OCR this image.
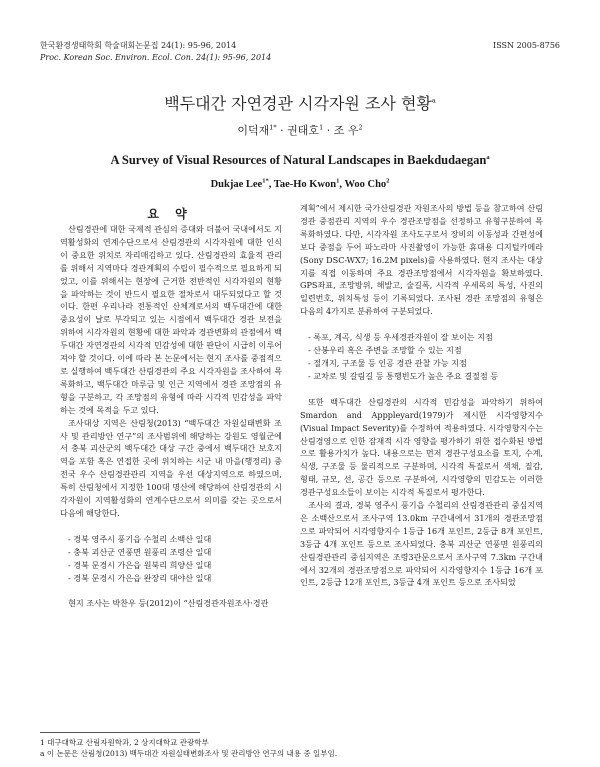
한국환경생태학회 학술대회논문집 24(1): 95-96, 2014
Proc. Korean Soc. Environ. Ecol. Con. 24(1): 95-96, 2014
ISSN 2005-8756
백두대간 자연경관 시각자원 조사 현황$^a$
이덕재$^{1*}$ · 권태호$^1$ · 조 우$^2$
A Survey of Visual Resources of Natural Landscapes in Baekdudaegan$^a$
Dukjae Lee$^{1*}$, Tae-Ho Kwon$^1$, Woo Cho$^2$
요 약

산림경관에 대한 국제적 관심의 증대와 더불어 국내에서도 지역활성화의 연계수단으로서 산림경관의 시각자원에 대한 인식이 중요한 위치로 자리매김하고 있다. 산림경관의 효율적 관리를 위해서 지역마다 경관계획의 수립이 필수적으로 필요하게 되었고, 이를 위해서는 현장에 근거한 전반적인 시각자원의 현황을 파악하는 것이 반드시 필요한 절차로서 대두되었다고 할 것이다. 한편 우리나라 전통적인 산체계로서의 백두대간에 대한 중요성이 날로 부각되고 있는 시점에서 백두대간 경관 보전을 위하여 시각자원의 현황에 대한 파악과 경관변화의 관점에서 백두대간 자연경관의 시각적 민감성에 대한 판단이 시급히 이루어져야 할 것이다. 이에 따라 본 논문에서는 현지 조사를 중점적으로 실행하여 백두대간 산림경관의 주요 시각자원을 조사하여 목록화하고, 백두대간 마루금 및 인근 지역에서 경관 조망점의 유형을 구분하고, 각 조망점의 유형에 따라 시각적 민감성을 파악하는 것에 목적을 두고 있다.

조사대상 지역은 산림청(2013) “백두대간 자원실태변화 조사 및 관리방안 연구”의 조사범위에 해당하는 강원도 영월군에서 충북 괴산군의 백두대간 대상 구간 중에서 백두대간 보호지역을 포함 혹은 연접한 곳에 위치하는 시군 내 마을(행정리) 중 전국 우수 산림경관관리 지역을 우선 대상지역으로 하였으며, 특히 산림청에서 지정한 100대 명산에 해당하여 산림경관의 시각자원이 지역활성화의 연계수단으로서 의미를 갖는 곳으로서 다음에 해당한다.

- 경북 영주시 풍기읍 수철리 소백산 일대
- 충북 괴산군 연풍면 원풍리 조령산 일대
- 경북 문경시 가은읍 원북리 희양산 일대
- 경북 문경시 가은읍 완장리 대야산 일대

현지 조사는 박찬우 등(2012)이 “산림경관자원조사·경관

계획”에서 제시한 국가산림경관 자원조사의 방법 등을 참고하여 산림경관 중점관리 지역의 우수 경관조망점을 선정하고 유형구분하여 목록화하였다. 다만, 시각자원 조사도구로서 장비의 이동성과 간편성에 보다 중점을 두어 파노라마 사진촬영이 가능한 휴대용 디지털카메라(Sony DSC-WX7; 16.2M pixels)를 사용하였다. 현지 조사는 대상지를 직접 이동하며 주요 경관조망점에서 시각자원을 확보하였다. GPS좌표, 조망방위, 해발고, 술길폭, 시각적 우세목의 특성, 사진의 일련번호, 위치특성 등이 기록되었다. 조사된 경관 조망점의 유형은 다음의 4가지로 분류하여 구분되었다.

- 록포, 계곡, 식생 등 우세경관자원이 잘 보이는 지점
- 산봉우리 혹은 주변을 조망할 수 있는 지점
- 절개지, 구조물 등 인공 경관 관찰 가능 지점
- 교차로 및 갈림길 등 통행빈도가 높은 주요 결절점 등

또한 백두대간 산림경관의 시각적 민감성을 파악하기 위하여 Smardon and Apppleyard(1979)가 제시한 시각영향지수(Visual Impact Severity)를 수정하여 적용하였다. 시각영향지수는 산림경영으로 인한 잠재적 시각 영향을 평가하기 위한 접수화된 방법으로 활용가치가 높다. 내용으로는 먼저 경관구성요소를 토지, 수계, 식생, 구조물 등 물리적으로 구분하며, 시각적 특질로서 색채, 질감, 형태, 규모, 선, 공간 등으로 구분하여, 시각영향의 민감도는 이러한 경관구성요소들이 보이는 시각적 특질로서 평가한다.

조사의 결과, 경북 영주시 풍기읍 수철리의 산림경관관리 중심지역은 소백산으로서 조사구역 13.0km 구간내에서 31개의 경관조망점으로 파악되어 시각영향지수 1등급 16개 포인트, 2등급 8개 포인트, 3등급 4개 포인트 등으로 조사되었다. 충북 괴산군 연풍면 원풍리의 산림경관관리 중심지역은 조령3관문으로서 조사구역 7.3km 구간내에서 32개의 경관조망점으로 파악되어 시각영향지수 1등급 16개 포인트, 2등급 12개 포인트, 3등급 4개 포인트 등으로 조사되었

1 대구대학교 산림자원학과, 2 상지대학교 관광학부
a 이 논문은 산림청(2013) 백두대간 자원실태변화조사 및 관리방안 연구의 내용 중 일부임.
